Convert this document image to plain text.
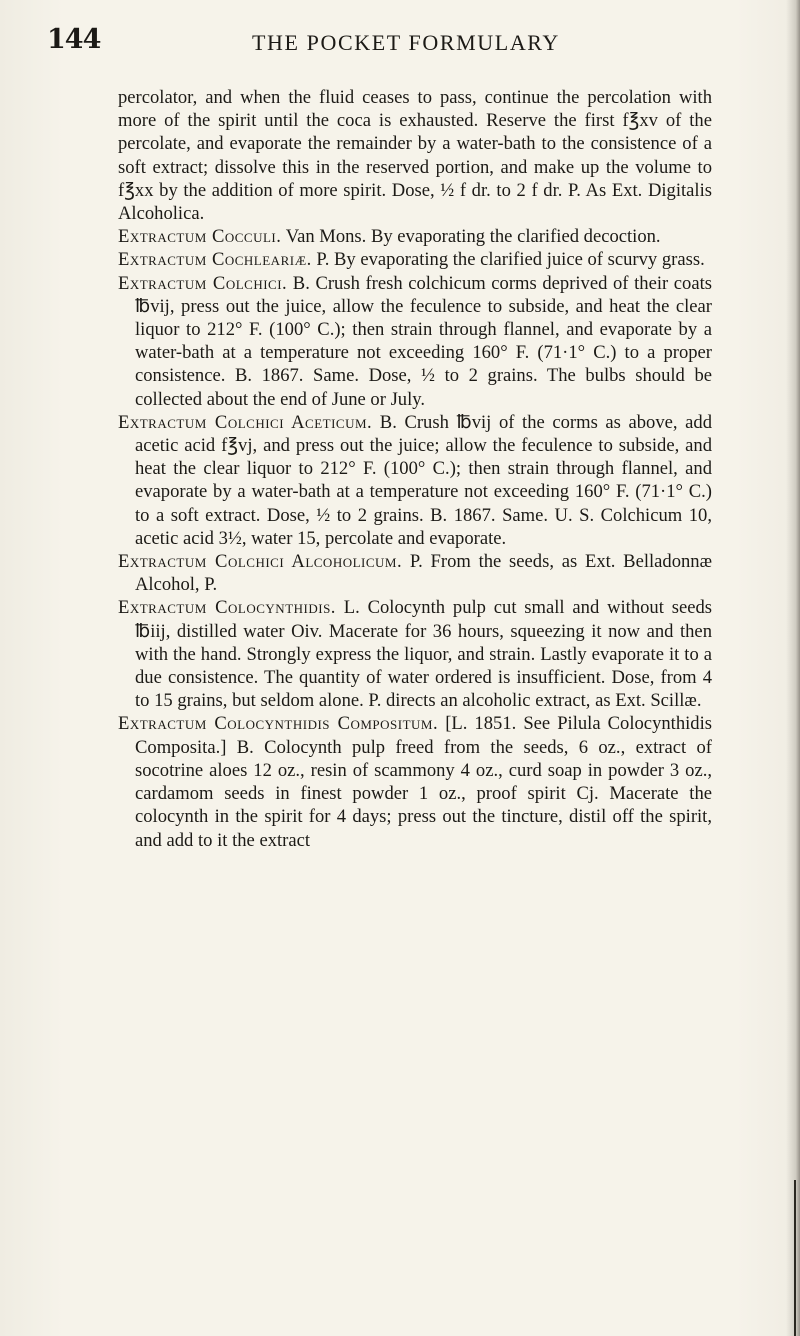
144	THE POCKET FORMULARY

percolator, and when the fluid ceases to pass, continue the percolation with more of the spirit until the coca is exhausted. Reserve the first f℥xv of the percolate, and evaporate the remainder by a water-bath to the consistence of a soft extract; dissolve this in the reserved portion, and make up the volume to f℥xx by the addition of more spirit. Dose, ½ f dr. to 2 f dr. P. As Ext. Digitalis Alcoholica.

Extractum Cocculi. Van Mons. By evaporating the clarified decoction.

Extractum Cochleariæ. P. By evaporating the clarified juice of scurvy grass.

Extractum Colchici. B. Crush fresh colchicum corms deprived of their coats ℔vij, press out the juice, allow the feculence to subside, and heat the clear liquor to 212° F. (100° C.); then strain through flannel, and evaporate by a water-bath at a temperature not exceeding 160° F. (71·1° C.) to a proper consistence. B. 1867. Same. Dose, ½ to 2 grains. The bulbs should be collected about the end of June or July.

Extractum Colchici Aceticum. B. Crush ℔vij of the corms as above, add acetic acid f℥vj, and press out the juice; allow the feculence to subside, and heat the clear liquor to 212° F. (100° C.); then strain through flannel, and evaporate by a water-bath at a temperature not exceeding 160° F. (71·1° C.) to a soft extract. Dose, ½ to 2 grains. B. 1867. Same. U. S. Colchicum 10, acetic acid 3½, water 15, percolate and evaporate.

Extractum Colchici Alcoholicum. P. From the seeds, as Ext. Belladonnæ Alcohol, P.

Extractum Colocynthidis. L. Colocynth pulp cut small and without seeds ℔iij, distilled water Oiv. Macerate for 36 hours, squeezing it now and then with the hand. Strongly express the liquor, and strain. Lastly evaporate it to a due consistence. The quantity of water ordered is insufficient. Dose, from 4 to 15 grains, but seldom alone. P. directs an alcoholic extract, as Ext. Scillæ.

Extractum Colocynthidis Compositum. [L. 1851. See Pilula Colocynthidis Composita.] B. Colocynth pulp freed from the seeds, 6 oz., extract of socotrine aloes 12 oz., resin of scammony 4 oz., curd soap in powder 3 oz., cardamom seeds in finest powder 1 oz., proof spirit Cj. Macerate the colocynth in the spirit for 4 days; press out the tincture, distil off the spirit, and add to it the extract
